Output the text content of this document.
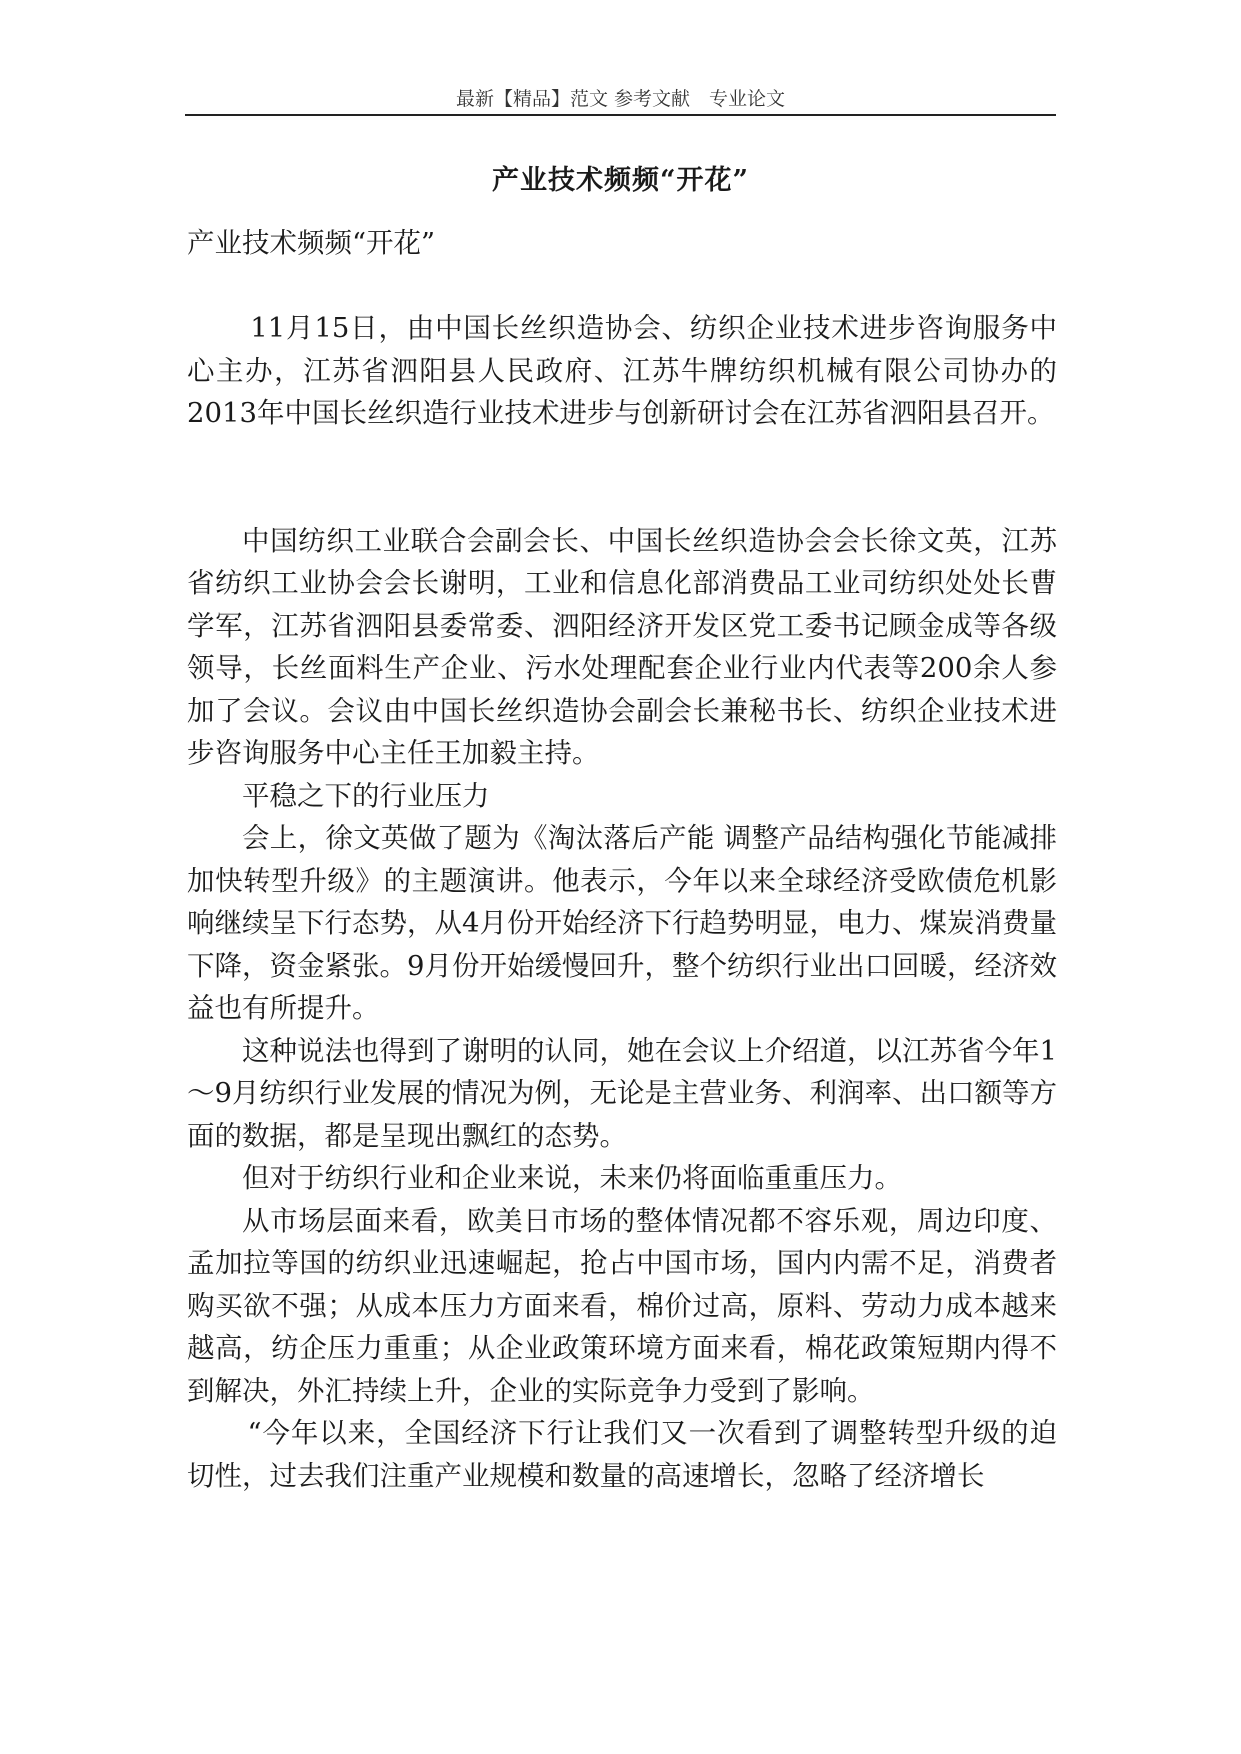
最新【精品】范文 参考文献　专业论文
产业技术频频“开花”

产业技术频频“开花”

11月15日，由中国长丝织造协会、纺织企业技术进步咨询服务中心主办，江苏省泗阳县人民政府、江苏牛牌纺织机械有限公司协办的2013年中国长丝织造行业技术进步与创新研讨会在江苏省泗阳县召开。

中国纺织工业联合会副会长、中国长丝织造协会会长徐文英，江苏省纺织工业协会会长谢明，工业和信息化部消费品工业司纺织处处长曹学军，江苏省泗阳县委常委、泗阳经济开发区党工委书记顾金成等各级领导，长丝面料生产企业、污水处理配套企业行业内代表等200余人参加了会议。会议由中国长丝织造协会副会长兼秘书长、纺织企业技术进步咨询服务中心主任王加毅主持。

平稳之下的行业压力

会上，徐文英做了题为《淘汰落后产能 调整产品结构强化节能减排 加快转型升级》的主题演讲。他表示，今年以来全球经济受欧债危机影响继续呈下行态势，从4月份开始经济下行趋势明显，电力、煤炭消费量下降，资金紧张。9月份开始缓慢回升，整个纺织行业出口回暖，经济效益也有所提升。

这种说法也得到了谢明的认同，她在会议上介绍道，以江苏省今年1～9月纺织行业发展的情况为例，无论是主营业务、利润率、出口额等方面的数据，都是呈现出飘红的态势。

但对于纺织行业和企业来说，未来仍将面临重重压力。

从市场层面来看，欧美日市场的整体情况都不容乐观，周边印度、孟加拉等国的纺织业迅速崛起，抢占中国市场，国内内需不足，消费者购买欲不强；从成本压力方面来看，棉价过高，原料、劳动力成本越来越高，纺企压力重重；从企业政策环境方面来看，棉花政策短期内得不到解决，外汇持续上升，企业的实际竞争力受到了影响。

“今年以来，全国经济下行让我们又一次看到了调整转型升级的迫切性，过去我们注重产业规模和数量的高速增长，忽略了经济增长
